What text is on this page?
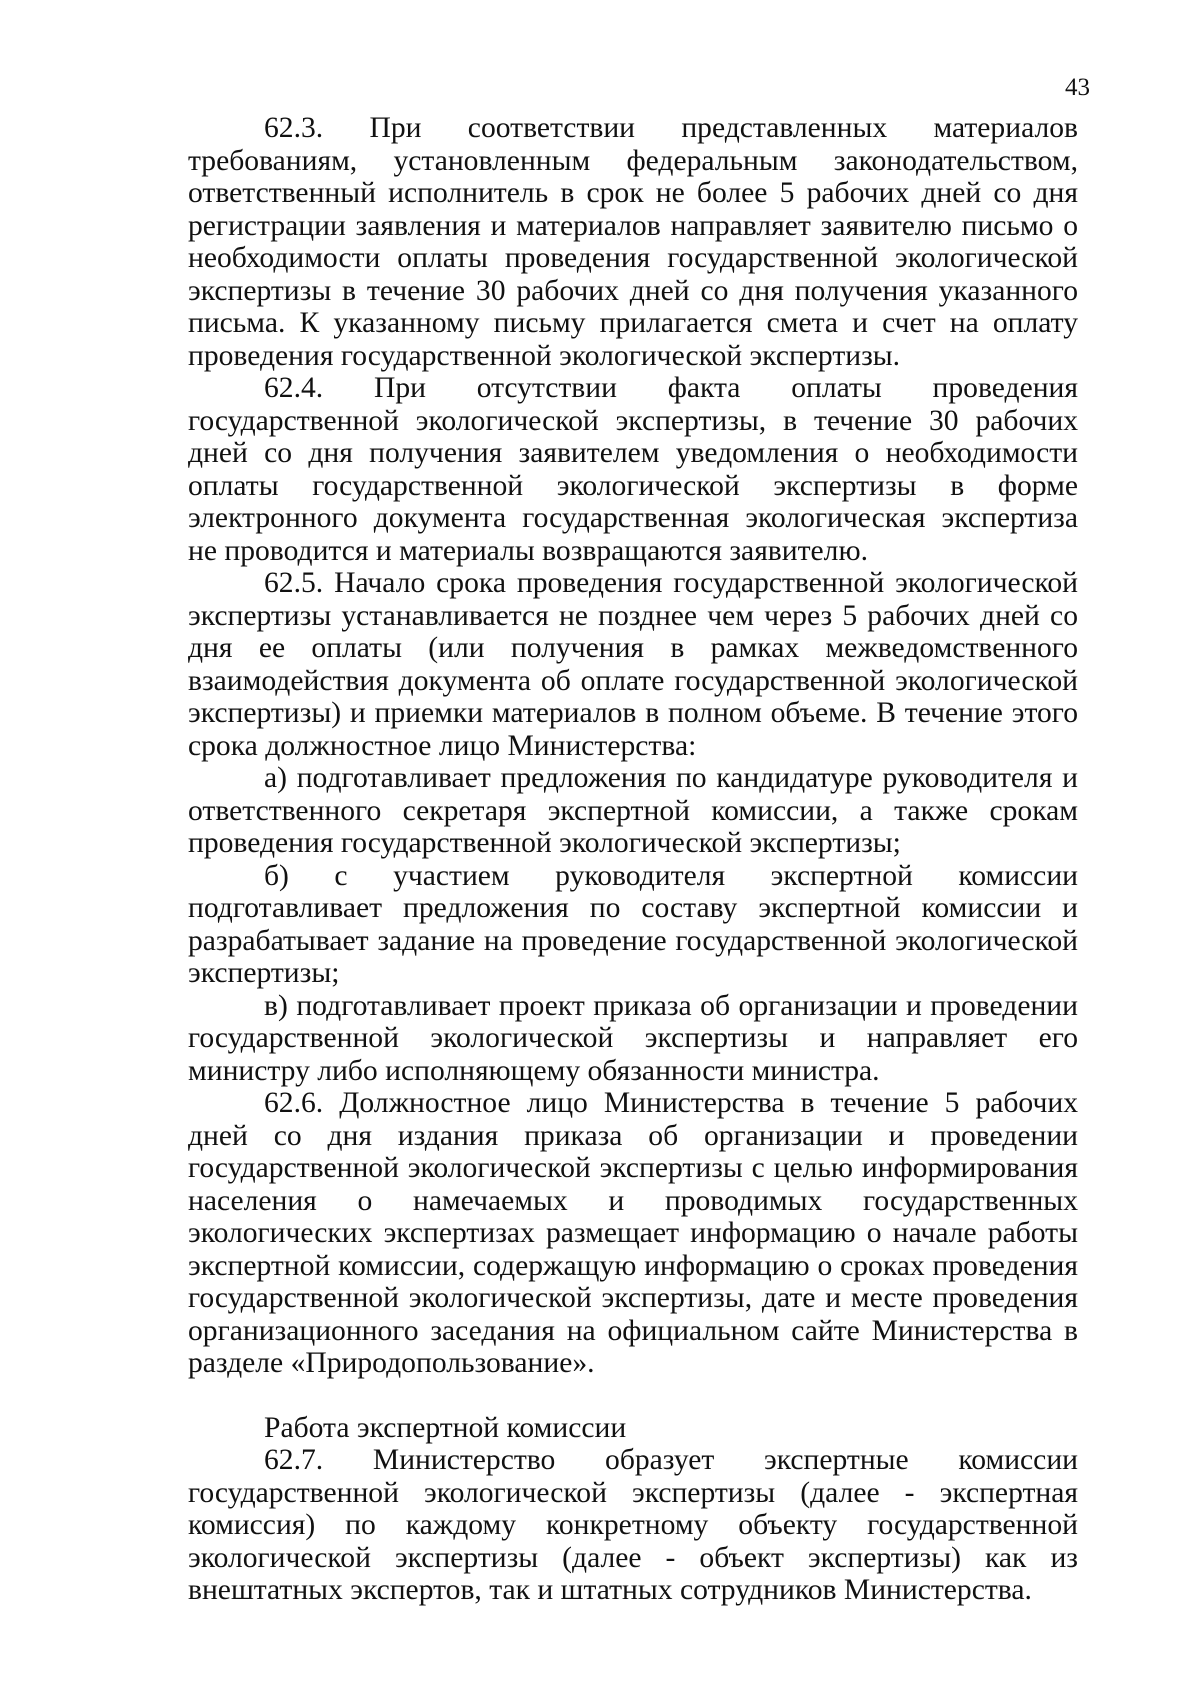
43

62.3. При соответствии представленных материалов требованиям, установленным федеральным законодательством, ответственный исполнитель в срок не более 5 рабочих дней со дня регистрации заявления и материалов направляет заявителю письмо о необходимости оплаты проведения государственной экологической экспертизы в течение 30 рабочих дней со дня получения указанного письма. К указанному письму прилагается смета и счет на оплату проведения государственной экологической экспертизы.

62.4. При отсутствии факта оплаты проведения государственной экологической экспертизы, в течение 30 рабочих дней со дня получения заявителем уведомления о необходимости оплаты государственной экологической экспертизы в форме электронного документа государственная экологическая экспертиза не проводится и материалы возвращаются заявителю.

62.5. Начало срока проведения государственной экологической экспертизы устанавливается не позднее чем через 5 рабочих дней со дня ее оплаты (или получения в рамках межведомственного взаимодействия документа об оплате государственной экологической экспертизы) и приемки материалов в полном объеме. В течение этого срока должностное лицо Министерства:

а) подготавливает предложения по кандидатуре руководителя и ответственного секретаря экспертной комиссии, а также срокам проведения государственной экологической экспертизы;

б) с участием руководителя экспертной комиссии подготавливает предложения по составу экспертной комиссии и разрабатывает задание на проведение государственной экологической экспертизы;

в) подготавливает проект приказа об организации и проведении государственной экологической экспертизы и направляет его министру либо исполняющему обязанности министра.

62.6. Должностное лицо Министерства в течение 5 рабочих дней со дня издания приказа об организации и проведении государственной экологической экспертизы с целью информирования населения о намечаемых и проводимых государственных экологических экспертизах размещает информацию о начале работы экспертной комиссии, содержащую информацию о сроках проведения государственной экологической экспертизы, дате и месте проведения организационного заседания на официальном сайте Министерства в разделе «Природопользование».

Работа экспертной комиссии

62.7. Министерство образует экспертные комиссии государственной экологической экспертизы (далее - экспертная комиссия) по каждому конкретному объекту государственной экологической экспертизы (далее - объект экспертизы) как из внештатных экспертов, так и штатных сотрудников Министерства.
